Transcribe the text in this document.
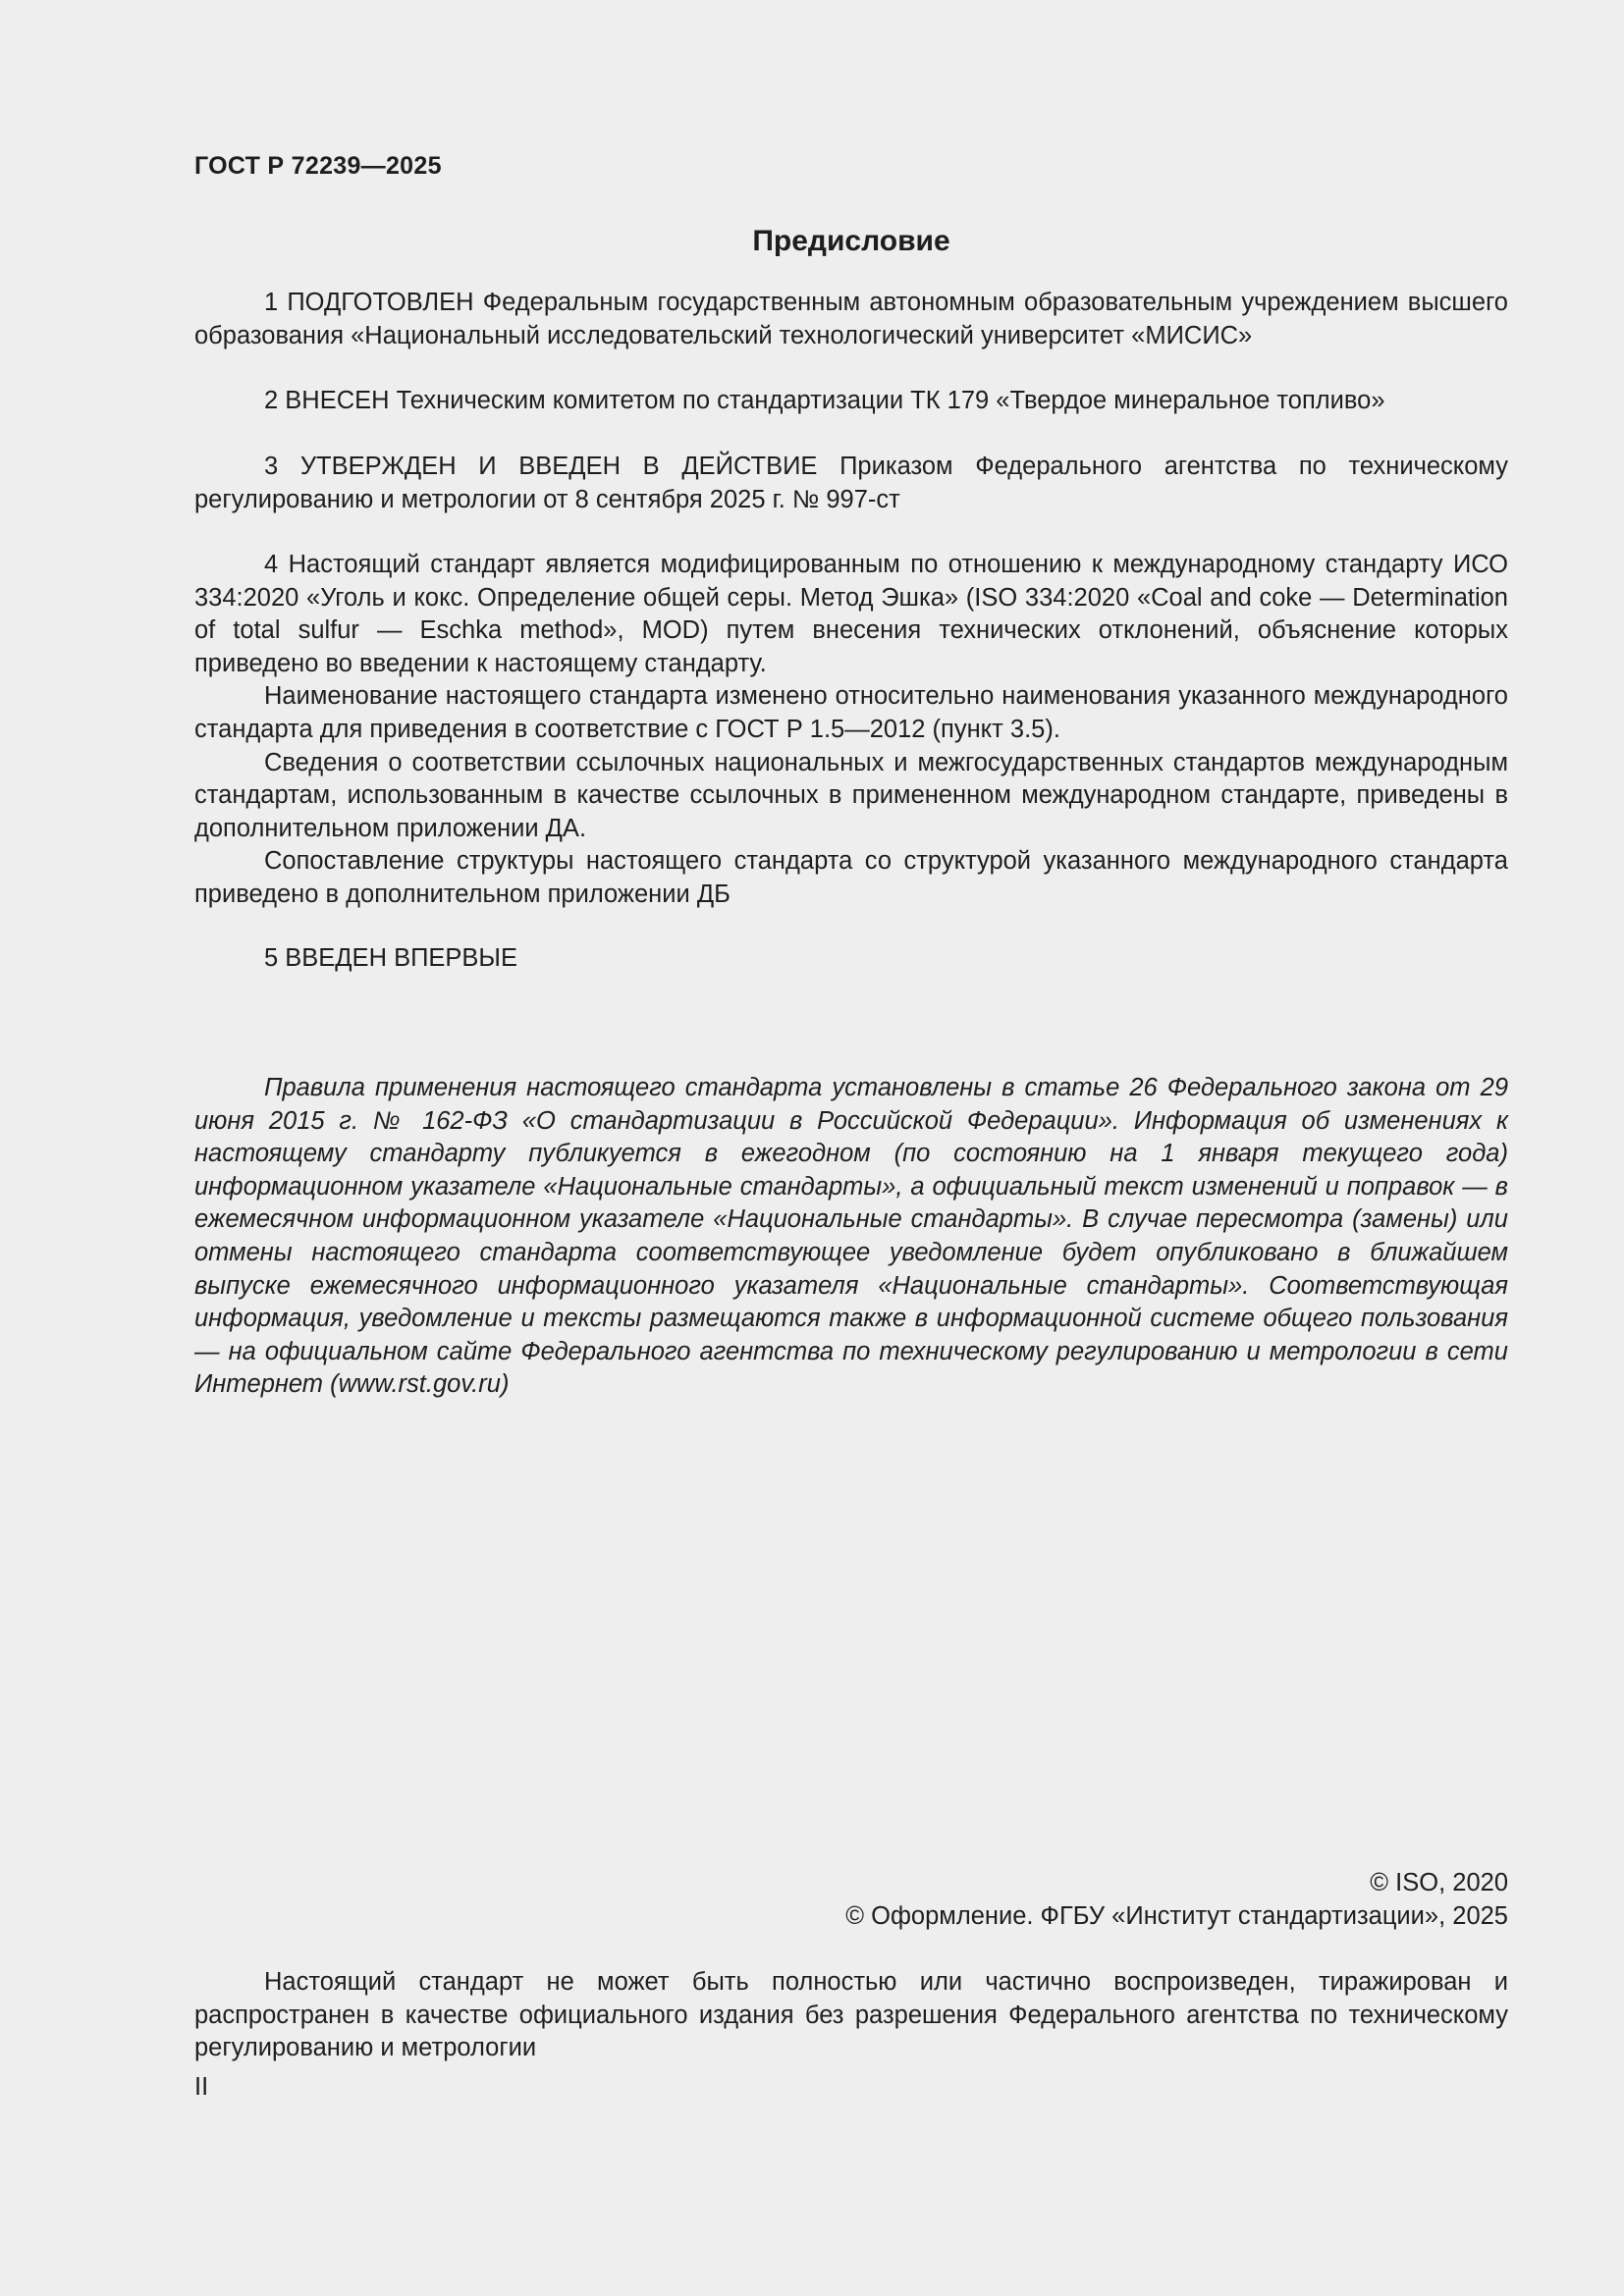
ГОСТ Р 72239—2025
Предисловие

1 ПОДГОТОВЛЕН Федеральным государственным автономным образовательным учреждением высшего образования «Национальный исследовательский технологический университет «МИСИС»

2 ВНЕСЕН Техническим комитетом по стандартизации ТК 179 «Твердое минеральное топливо»

3 УТВЕРЖДЕН И ВВЕДЕН В ДЕЙСТВИЕ Приказом Федерального агентства по техническому регулированию и метрологии от 8 сентября 2025 г. № 997-ст

4 Настоящий стандарт является модифицированным по отношению к международному стандарту ИСО 334:2020 «Уголь и кокс. Определение общей серы. Метод Эшка» (ISO 334:2020 «Coal and coke — Determination of total sulfur — Eschka method», MOD) путем внесения технических отклонений, объяснение которых приведено во введении к настоящему стандарту.

Наименование настоящего стандарта изменено относительно наименования указанного международного стандарта для приведения в соответствие с ГОСТ Р 1.5—2012 (пункт 3.5).

Сведения о соответствии ссылочных национальных и межгосударственных стандартов международным стандартам, использованным в качестве ссылочных в примененном международном стандарте, приведены в дополнительном приложении ДА.

Сопоставление структуры настоящего стандарта со структурой указанного международного стандарта приведено в дополнительном приложении ДБ

5 ВВЕДЕН ВПЕРВЫЕ

Правила применения настоящего стандарта установлены в статье 26 Федерального закона от 29 июня 2015 г. № 162-ФЗ «О стандартизации в Российской Федерации». Информация об изменениях к настоящему стандарту публикуется в ежегодном (по состоянию на 1 января текущего года) информационном указателе «Национальные стандарты», а официальный текст изменений и поправок — в ежемесячном информационном указателе «Национальные стандарты». В случае пересмотра (замены) или отмены настоящего стандарта соответствующее уведомление будет опубликовано в ближайшем выпуске ежемесячного информационного указателя «Национальные стандарты». Соответствующая информация, уведомление и тексты размещаются также в информационной системе общего пользования — на официальном сайте Федерального агентства по техническому регулированию и метрологии в сети Интернет (www.rst.gov.ru)

© ISO, 2020
© Оформление. ФГБУ «Институт стандартизации», 2025

Настоящий стандарт не может быть полностью или частично воспроизведен, тиражирован и распространен в качестве официального издания без разрешения Федерального агентства по техническому регулированию и метрологии

II
